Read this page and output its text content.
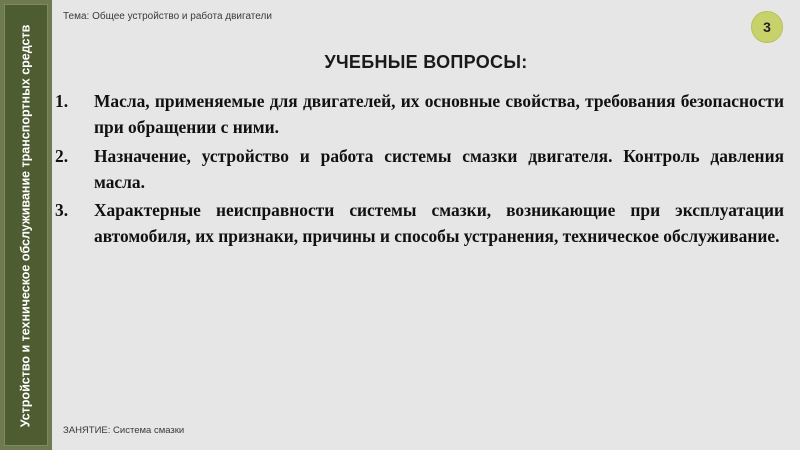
Устройство и техническое обслуживание транспортных средств
Тема: Общее устройство и работа двигатели
3
УЧЕБНЫЕ ВОПРОСЫ:
1. Масла, применяемые для двигателей, их основные свойства, требования безопасности при обращении с ними.
2. Назначение, устройство и работа системы смазки двигателя. Контроль давления масла.
3. Характерные неисправности системы смазки, возникающие при эксплуатации автомобиля, их признаки, причины и способы устранения, техническое обслуживание.
ЗАНЯТИЕ: Система смазки
